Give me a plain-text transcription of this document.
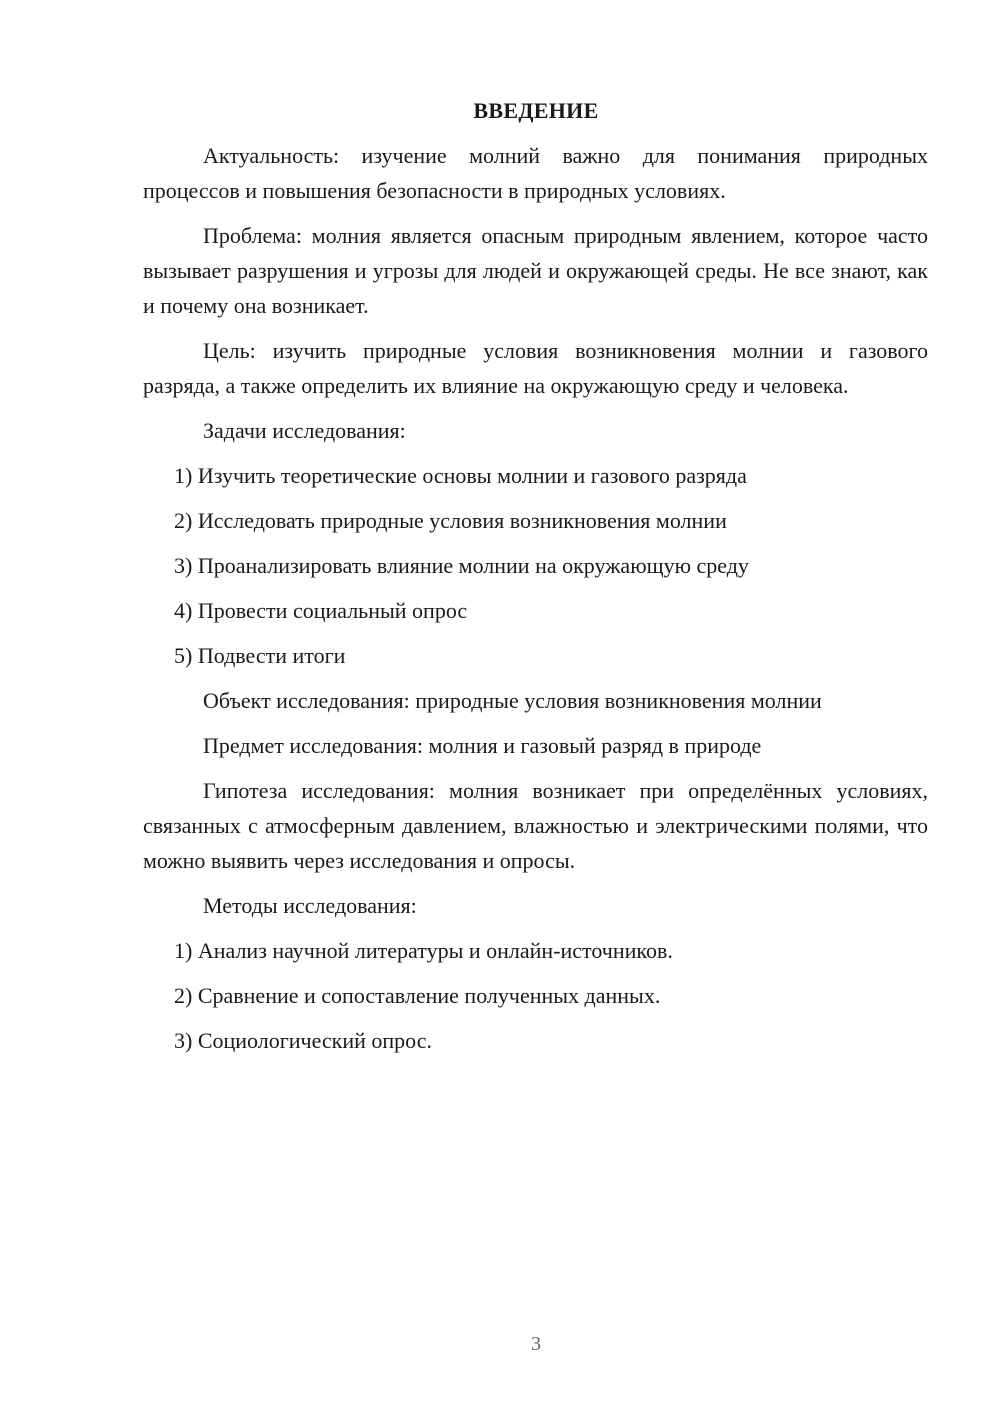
ВВЕДЕНИЕ
Актуальность: изучение молний важно для понимания природных процессов и повышения безопасности в природных условиях.
Проблема: молния является опасным природным явлением, которое часто вызывает разрушения и угрозы для людей и окружающей среды. Не все знают, как и почему она возникает.
Цель: изучить природные условия возникновения молнии и газового разряда, а также определить их влияние на окружающую среду и человека.
Задачи исследования:
1) Изучить теоретические основы молнии и газового разряда
2) Исследовать природные условия возникновения молнии
3) Проанализировать влияние молнии на окружающую среду
4) Провести социальный опрос
5) Подвести итоги
Объект исследования: природные условия возникновения молнии
Предмет исследования: молния и газовый разряд в природе
Гипотеза исследования: молния возникает при определённых условиях, связанных с атмосферным давлением, влажностью и электрическими полями, что можно выявить через исследования и опросы.
Методы исследования:
1) Анализ научной литературы и онлайн-источников.
2) Сравнение и сопоставление полученных данных.
3) Социологический опрос.
3
